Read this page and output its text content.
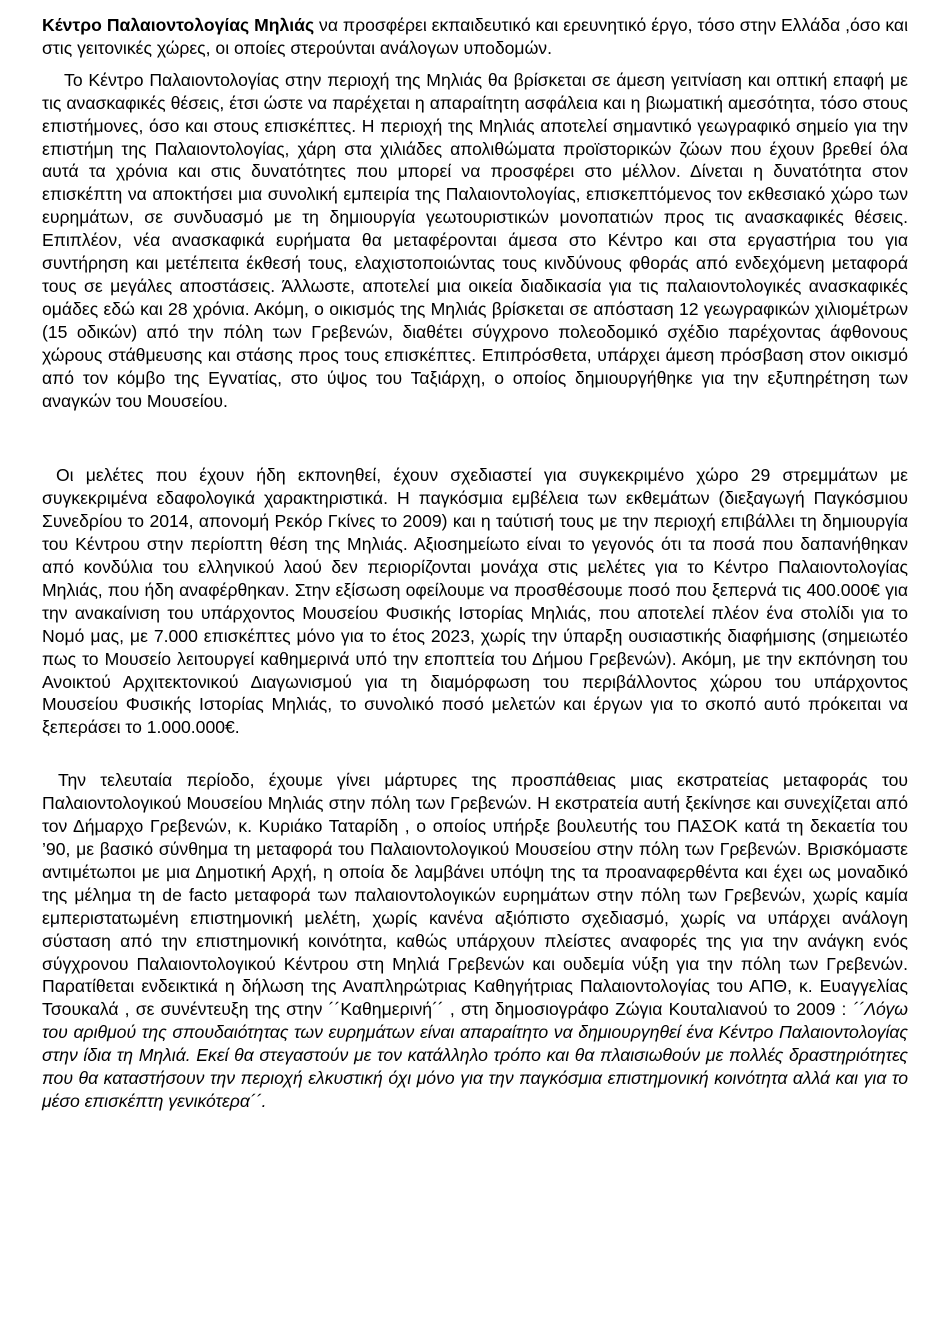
Κέντρο Παλαιοντολογίας Μηλιάς να προσφέρει εκπαιδευτικό και ερευνητικό έργο, τόσο στην Ελλάδα ,όσο και στις γειτονικές χώρες, οι οποίες στερούνται ανάλογων υποδομών.

Το Κέντρο Παλαιοντολογίας στην περιοχή της Μηλιάς θα βρίσκεται σε άμεση γειτνίαση και οπτική επαφή με τις ανασκαφικές θέσεις, έτσι ώστε να παρέχεται η απαραίτητη ασφάλεια και η βιωματική αμεσότητα, τόσο στους επιστήμονες, όσο και στους επισκέπτες. Η περιοχή της Μηλιάς αποτελεί σημαντικό γεωγραφικό σημείο για την επιστήμη της Παλαιοντολογίας, χάρη στα χιλιάδες απολιθώματα προϊστορικών ζώων που έχουν βρεθεί όλα αυτά τα χρόνια και στις δυνατότητες που μπορεί να προσφέρει στο μέλλον. Δίνεται η δυνατότητα στον επισκέπτη να αποκτήσει μια συνολική εμπειρία της Παλαιοντολογίας, επισκεπτόμενος τον εκθεσιακό χώρο των ευρημάτων, σε συνδυασμό με τη δημιουργία γεωτουριστικών μονοπατιών προς τις ανασκαφικές θέσεις. Επιπλέον, νέα ανασκαφικά ευρήματα θα μεταφέρονται άμεσα στο Κέντρο και στα εργαστήρια του για συντήρηση και μετέπειτα έκθεσή τους, ελαχιστοποιώντας τους κινδύνους φθοράς από ενδεχόμενη μεταφορά τους σε μεγάλες αποστάσεις. Άλλωστε, αποτελεί μια οικεία διαδικασία για τις παλαιοντολογικές ανασκαφικές ομάδες εδώ και 28 χρόνια. Ακόμη, ο οικισμός της Μηλιάς βρίσκεται σε απόσταση 12 γεωγραφικών χιλιομέτρων (15 οδικών) από την πόλη των Γρεβενών, διαθέτει σύγχρονο πολεοδομικό σχέδιο παρέχοντας άφθονους χώρους στάθμευσης και στάσης προς τους επισκέπτες. Επιπρόσθετα, υπάρχει άμεση πρόσβαση στον οικισμό από τον κόμβο της Εγνατίας, στο ύψος του Ταξιάρχη, ο οποίος δημιουργήθηκε για την εξυπηρέτηση των αναγκών του Μουσείου.

Οι μελέτες που έχουν ήδη εκπονηθεί, έχουν σχεδιαστεί για συγκεκριμένο χώρο 29 στρεμμάτων με συγκεκριμένα εδαφολογικά χαρακτηριστικά. Η παγκόσμια εμβέλεια των εκθεμάτων (διεξαγωγή Παγκόσμιου Συνεδρίου το 2014, απονομή Ρεκόρ Γκίνες το 2009) και η ταύτισή τους με την περιοχή επιβάλλει τη δημιουργία του Κέντρου στην περίοπτη θέση της Μηλιάς. Αξιοσημείωτο είναι το γεγονός ότι τα ποσά που δαπανήθηκαν από κονδύλια του ελληνικού λαού δεν περιορίζονται μονάχα στις μελέτες για το Κέντρο Παλαιοντολογίας Μηλιάς, που ήδη αναφέρθηκαν. Στην εξίσωση οφείλουμε να προσθέσουμε ποσό που ξεπερνά τις 400.000€ για την ανακαίνιση του υπάρχοντος Μουσείου Φυσικής Ιστορίας Μηλιάς, που αποτελεί πλέον ένα στολίδι για το Νομό μας, με 7.000 επισκέπτες μόνο για το έτος 2023, χωρίς την ύπαρξη ουσιαστικής διαφήμισης (σημειωτέο πως το Μουσείο λειτουργεί καθημερινά υπό την εποπτεία του Δήμου Γρεβενών). Ακόμη, με την εκπόνηση του Ανοικτού Αρχιτεκτονικού Διαγωνισμού για τη διαμόρφωση του περιβάλλοντος χώρου του υπάρχοντος Μουσείου Φυσικής Ιστορίας Μηλιάς, το συνολικό ποσό μελετών και έργων για το σκοπό αυτό πρόκειται να ξεπεράσει το 1.000.000€.

Την τελευταία περίοδο, έχουμε γίνει μάρτυρες της προσπάθειας μιας εκστρατείας μεταφοράς του Παλαιοντολογικού Μουσείου Μηλιάς στην πόλη των Γρεβενών. Η εκστρατεία αυτή ξεκίνησε και συνεχίζεται από τον Δήμαρχο Γρεβενών, κ. Κυριάκο Ταταρίδη , ο οποίος υπήρξε βουλευτής του ΠΑΣΟΚ κατά τη δεκαετία του ’90, με βασικό σύνθημα τη μεταφορά του Παλαιοντολογικού Μουσείου στην πόλη των Γρεβενών. Βρισκόμαστε αντιμέτωποι με μια Δημοτική Αρχή, η οποία δε λαμβάνει υπόψη της τα προαναφερθέντα και έχει ως μοναδικό της μέλημα τη de facto μεταφορά των παλαιοντολογικών ευρημάτων στην πόλη των Γρεβενών, χωρίς καμία εμπεριστατωμένη επιστημονική μελέτη, χωρίς κανένα αξιόπιστο σχεδιασμό, χωρίς να υπάρχει ανάλογη σύσταση από την επιστημονική κοινότητα, καθώς υπάρχουν πλείστες αναφορές της για την ανάγκη ενός σύγχρονου Παλαιοντολογικού Κέντρου στη Μηλιά Γρεβενών και ουδεμία νύξη για την πόλη των Γρεβενών. Παρατίθεται ενδεικτικά η δήλωση της Αναπληρώτριας Καθηγήτριας Παλαιοντολογίας του ΑΠΘ, κ. Ευαγγελίας Τσουκαλά , σε συνέντευξη της στην ´´Καθημερινή´´ , στη δημοσιογράφο Ζώγια Κουταλιανού το 2009 : ´´Λόγω του αριθμού της σπουδαιότητας των ευρημάτων είναι απαραίτητο να δημιουργηθεί ένα Κέντρο Παλαιοντολογίας στην ίδια τη Μηλιά. Εκεί θα στεγαστούν με τον κατάλληλο τρόπο και θα πλαισιωθούν με πολλές δραστηριότητες που θα καταστήσουν την περιοχή ελκυστική όχι μόνο για την παγκόσμια επιστημονική κοινότητα αλλά και για το μέσο επισκέπτη γενικότερα´´.
